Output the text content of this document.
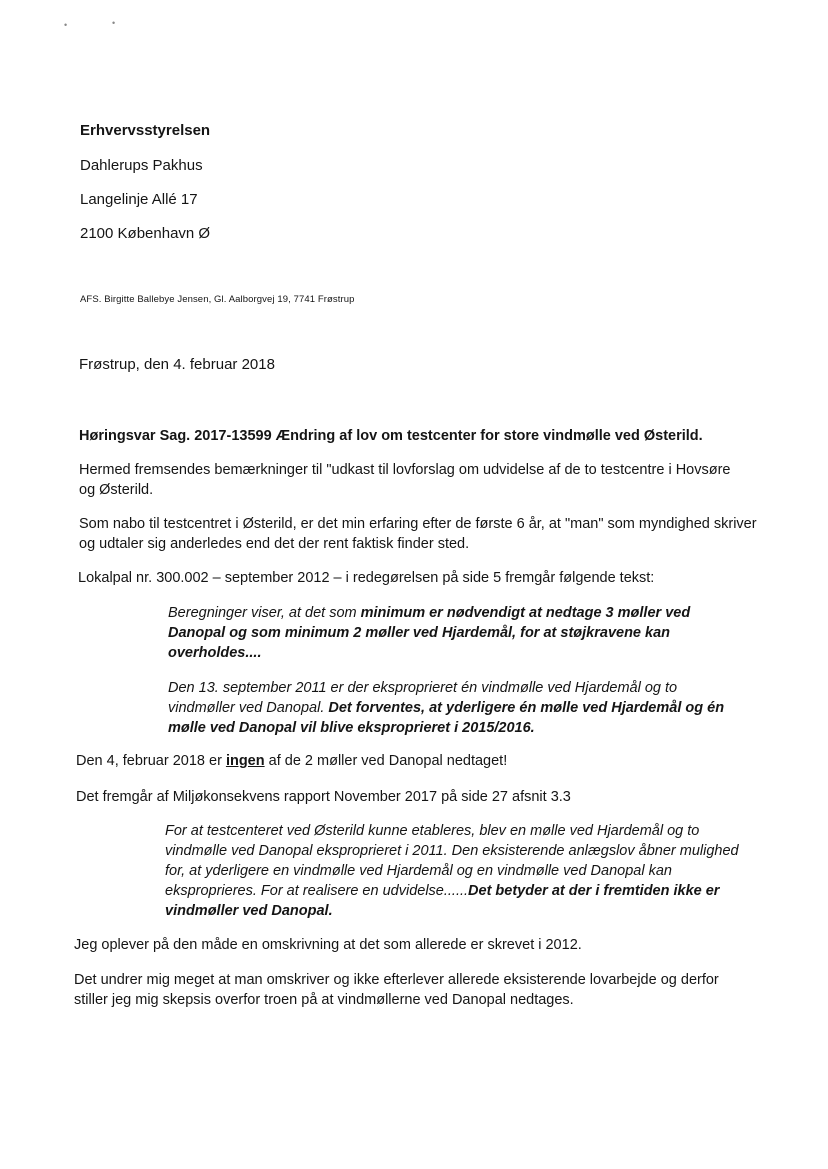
•	•

Erhvervsstyrelsen

Dahlerups Pakhus

Langelinje Allé 17

2100 København Ø

AFS. Birgitte Ballebye Jensen, Gl. Aalborgvej 19, 7741 Frøstrup

Frøstrup, den 4. februar 2018

Høringsvar Sag. 2017-13599 Ændring af lov om testcenter for store vindmølle ved Østerild.

Hermed fremsendes bemærkninger til "udkast til lovforslag om udvidelse af de to testcentre i Hovsøre og Østerild.

Som nabo til testcentret i Østerild, er det min erfaring efter de første 6 år, at "man" som myndighed skriver og udtaler sig anderledes end det der rent faktisk finder sted.

Lokalpal nr. 300.002 – september 2012 – i redegørelsen på side 5 fremgår følgende tekst:

Beregninger viser, at det som minimum er nødvendigt at nedtage 3 møller ved Danopal og som minimum 2 møller ved Hjardemål, for at støjkravene kan overholdes....

Den 13. september 2011 er der eksproprieret én vindmølle ved Hjardemål og to vindmøller ved Danopal. Det forventes, at yderligere én mølle ved Hjardemål og én mølle ved Danopal vil blive eksproprieret i 2015/2016.

Den 4, februar 2018 er ingen af de 2 møller ved Danopal nedtaget!

Det fremgår af Miljøkonsekvens rapport November 2017 på side 27 afsnit 3.3

For at testcenteret ved Østerild kunne etableres, blev en mølle ved Hjardemål og to vindmølle ved Danopal eksproprieret i 2011. Den eksisterende anlægslov åbner mulighed for, at yderligere en vindmølle ved Hjardemål og en vindmølle ved Danopal kan eksproprieres. For at realisere en udvidelse......Det betyder at der i fremtiden ikke er vindmøller ved Danopal.

Jeg oplever på den måde en omskrivning at det som allerede er skrevet i 2012.

Det undrer mig meget at man omskriver og ikke efterlever allerede eksisterende lovarbejde og derfor stiller jeg mig skepsis overfor troen på at vindmøllerne ved Danopal nedtages.
